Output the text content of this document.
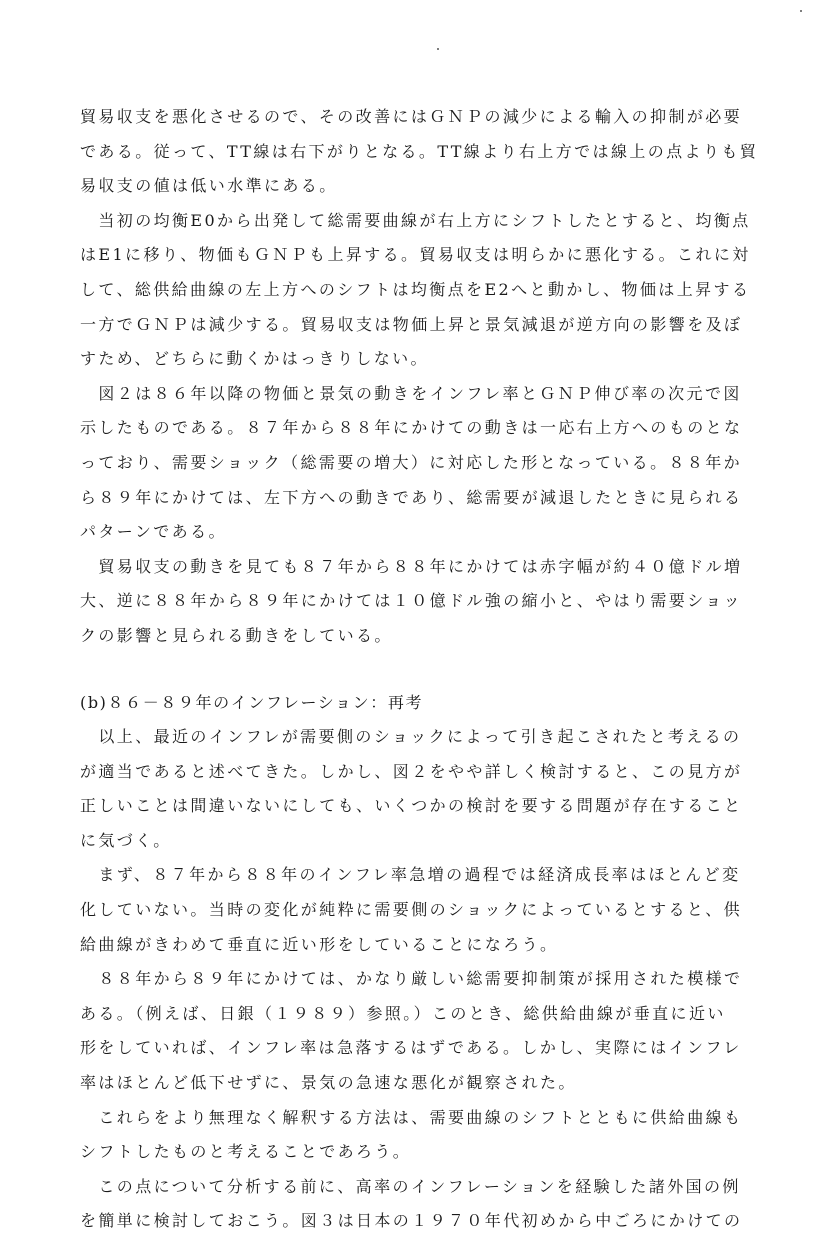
貿易収支を悪化させるので、その改善にはＧＮＰの減少による輸入の抑制が必要
である。従って、TT線は右下がりとなる。TT線より右上方では線上の点よりも貿
易収支の値は低い水準にある。
　当初の均衡E0から出発して総需要曲線が右上方にシフトしたとすると、均衡点
はE1に移り、物価もＧＮＰも上昇する。貿易収支は明らかに悪化する。これに対
して、総供給曲線の左上方へのシフトは均衡点をE2へと動かし、物価は上昇する
一方でＧＮＰは減少する。貿易収支は物価上昇と景気減退が逆方向の影響を及ぼ
すため、どちらに動くかはっきりしない。
　図２は８６年以降の物価と景気の動きをインフレ率とＧＮＰ伸び率の次元で図
示したものである。８７年から８８年にかけての動きは一応右上方へのものとな
っており、需要ショック（総需要の増大）に対応した形となっている。８８年か
ら８９年にかけては、左下方への動きであり、総需要が減退したときに見られる
パターンである。
　貿易収支の動きを見ても８７年から８８年にかけては赤字幅が約４０億ドル増
大、逆に８８年から８９年にかけては１０億ドル強の縮小と、やはり需要ショッ
クの影響と見られる動きをしている。
(b)８６－８９年のインフレーション：再考
　以上、最近のインフレが需要側のショックによって引き起こされたと考えるの
が適当であると述べてきた。しかし、図２をやや詳しく検討すると、この見方が
正しいことは間違いないにしても、いくつかの検討を要する問題が存在すること
に気づく。
　まず、８７年から８８年のインフレ率急増の過程では経済成長率はほとんど変
化していない。当時の変化が純粋に需要側のショックによっているとすると、供
給曲線がきわめて垂直に近い形をしていることになろう。
　８８年から８９年にかけては、かなり厳しい総需要抑制策が採用された模様で
ある。（例えば、日銀（１９８９）参照。）このとき、総供給曲線が垂直に近い
形をしていれば、インフレ率は急落するはずである。しかし、実際にはインフレ
率はほとんど低下せずに、景気の急速な悪化が観察された。
　これらをより無理なく解釈する方法は、需要曲線のシフトとともに供給曲線も
シフトしたものと考えることであろう。
　この点について分析する前に、高率のインフレーションを経験した諸外国の例
を簡単に検討しておこう。図３は日本の１９７０年代初めから中ごろにかけての
